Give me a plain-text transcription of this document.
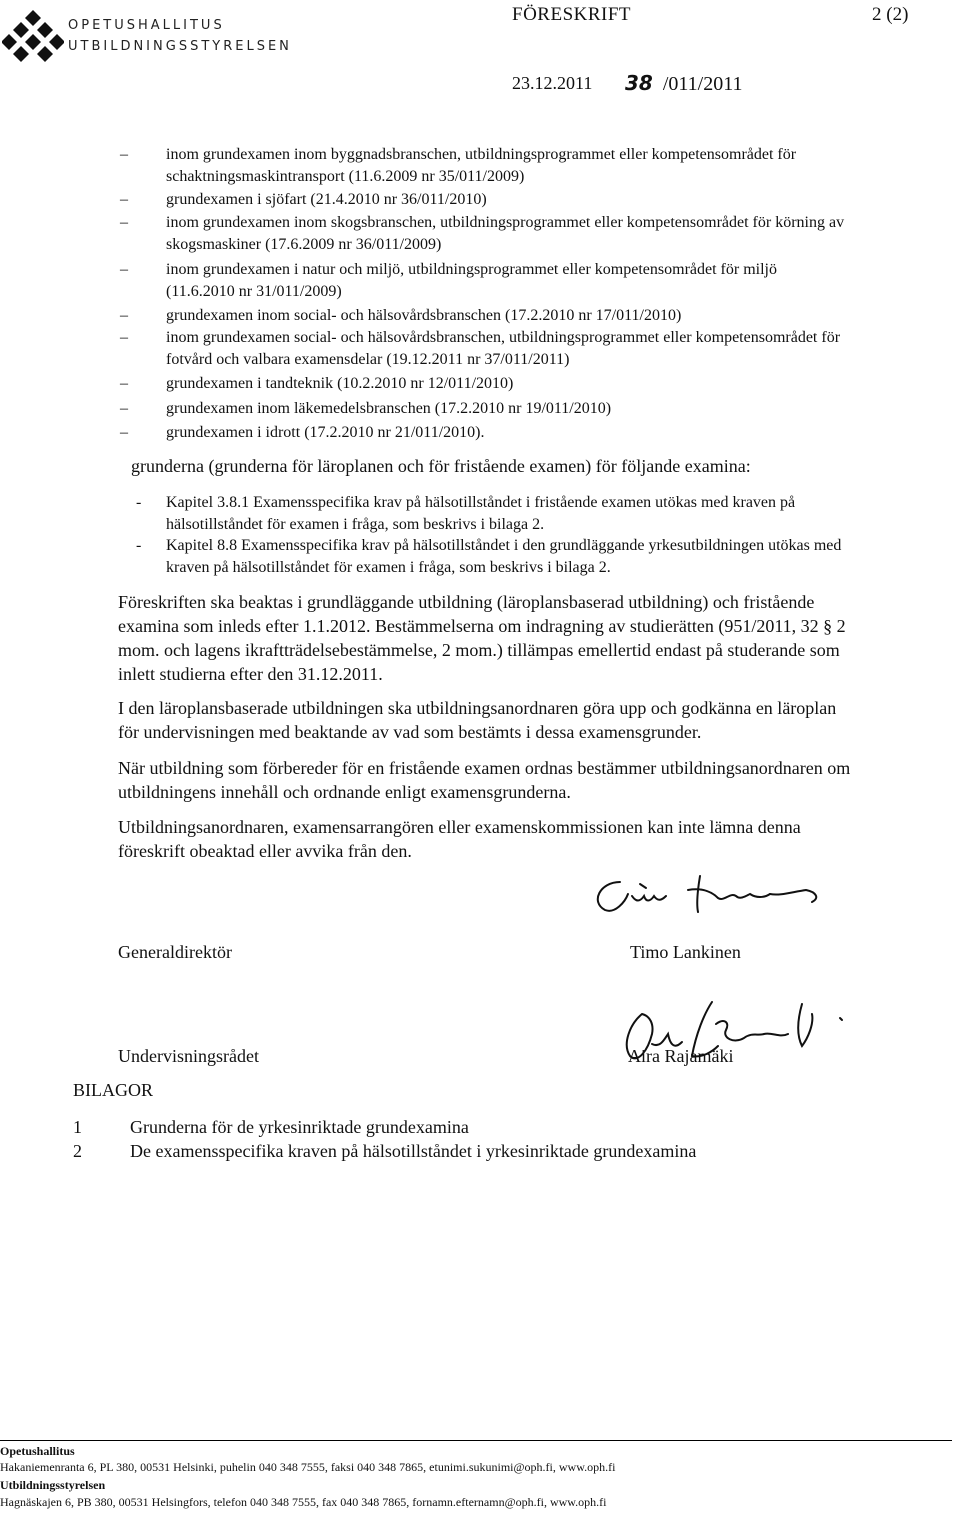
OPETUSHALLITUS
UTBILDNINGSSTYRELSEN
FÖRESKRIFT	2 (2)
23.12.2011 38 /011/2011
–	inom grundexamen inom byggnadsbranschen, utbildningsprogrammet eller kompetensområdet för
schaktningsmaskintransport (11.6.2009 nr 35/011/2009)
–	grundexamen i sjöfart (21.4.2010 nr 36/011/2010)
–	inom grundexamen inom skogsbranschen, utbildningsprogrammet eller kompetensområdet för körning av
skogsmaskiner (17.6.2009 nr 36/011/2009)
–	inom grundexamen i natur och miljö, utbildningsprogrammet eller kompetensområdet för miljö
(11.6.2010 nr 31/011/2009)
–	grundexamen inom social- och hälsovårdsbranschen (17.2.2010 nr 17/011/2010)
–	inom grundexamen social- och hälsovårdsbranschen, utbildningsprogrammet eller kompetensområdet för
fotvård och valbara examensdelar (19.12.2011 nr 37/011/2011)
–	grundexamen i tandteknik (10.2.2010 nr 12/011/2010)
–	grundexamen inom läkemedelsbranschen (17.2.2010 nr 19/011/2010)
–	grundexamen i idrott (17.2.2010 nr 21/011/2010).
grunderna (grunderna för läroplanen och för fristående examen) för följande examina:
- Kapitel 3.8.1 Examensspecifika krav på hälsotillståndet i fristående examen utökas med kraven på
hälsotillståndet för examen i fråga, som beskrivs i bilaga 2.
- Kapitel 8.8 Examensspecifika krav på hälsotillståndet i den grundläggande yrkesutbildningen utökas med
kraven på hälsotillståndet för examen i fråga, som beskrivs i bilaga 2.
Föreskriften ska beaktas i grundläggande utbildning (läroplansbaserad utbildning) och fristående
examina som inleds efter 1.1.2012. Bestämmelserna om indragning av studierätten (951/2011, 32 § 2
mom. och lagens ikraftträdelsebestämmelse, 2 mom.) tillämpas emellertid endast på studerande som
inlett studierna efter den 31.12.2011.
I den läroplansbaserade utbildningen ska utbildningsanordnaren göra upp och godkänna en läroplan
för undervisningen med beaktande av vad som bestämts i dessa examensgrunder.
När utbildning som förbereder för en fristående examen ordnas bestämmer utbildningsanordnaren om
utbildningens innehåll och ordnande enligt examensgrunderna.
Utbildningsanordnaren, examensarrangören eller examenskommissionen kan inte lämna denna
föreskrift obeaktad eller avvika från den.
Generaldirektör	Timo Lankinen
Undervisningsrådet	Aira Rajamäki
BILAGOR
1	Grunderna för de yrkesinriktade grundexamina
2	De examensspecifika kraven på hälsotillståndet i yrkesinriktade grundexamina
Opetushallitus
Hakaniemenranta 6, PL 380, 00531 Helsinki, puhelin 040 348 7555, faksi 040 348 7865, etunimi.sukunimi@oph.fi, www.oph.fi
Utbildningsstyrelsen
Hagnäskajen 6, PB 380, 00531 Helsingfors, telefon 040 348 7555, fax 040 348 7865, fornamn.efternamn@oph.fi, www.oph.fi
